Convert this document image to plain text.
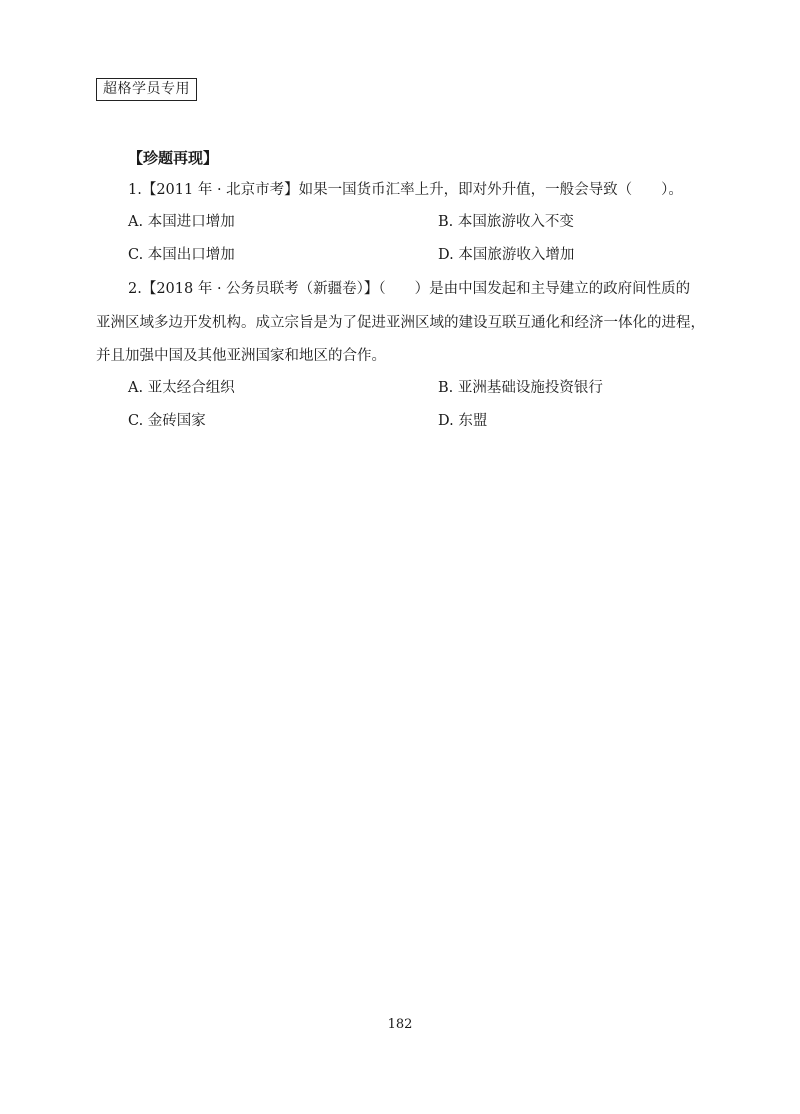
超格学员专用
【珍题再现】
1.【2011 年 · 北京市考】如果一国货币汇率上升，即对外升值，一般会导致（　　）。
A. 本国进口增加	B. 本国旅游收入不变
C. 本国出口增加	D. 本国旅游收入增加
2.【2018 年 · 公务员联考（新疆卷）】（　　）是由中国发起和主导建立的政府间性质的
亚洲区域多边开发机构。成立宗旨是为了促进亚洲区域的建设互联互通化和经济一体化的进程，
并且加强中国及其他亚洲国家和地区的合作。
A. 亚太经合组织	B. 亚洲基础设施投资银行
C. 金砖国家	D. 东盟
182
